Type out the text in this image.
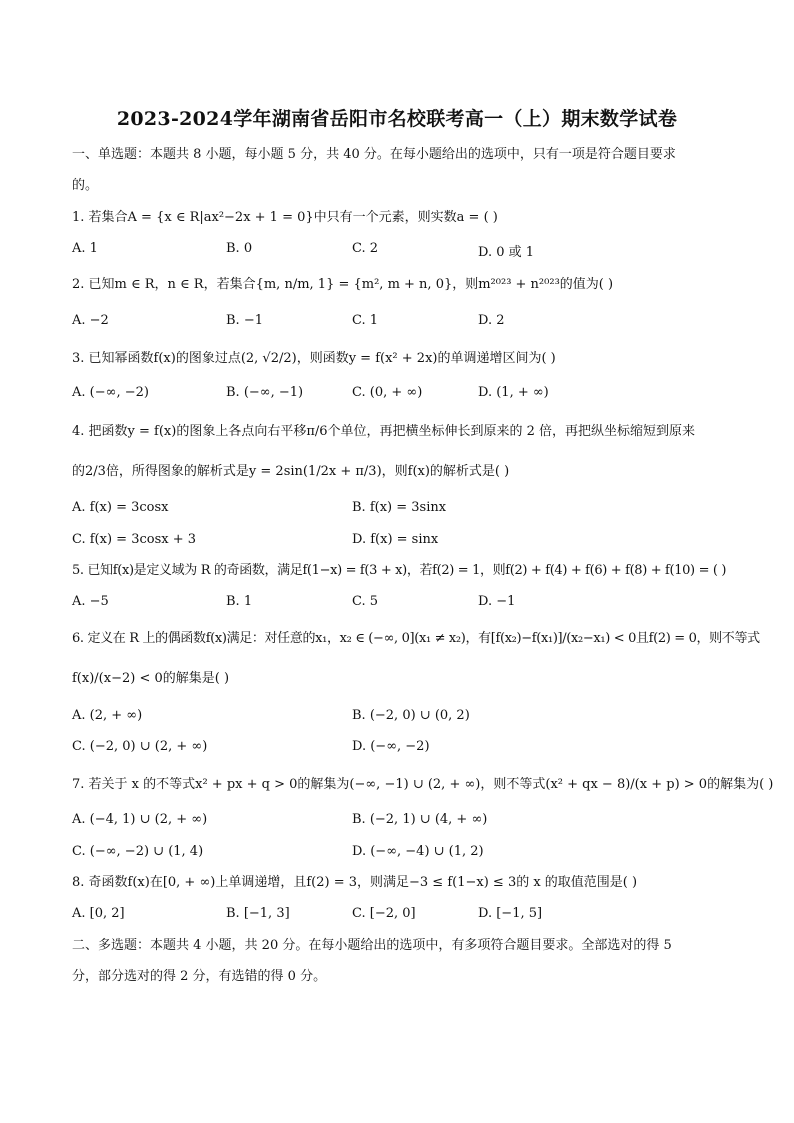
2023-2024学年湖南省岳阳市名校联考高一（上）期末数学试卷
一、单选题：本题共 8 小题，每小题 5 分，共 40 分。在每小题给出的选项中，只有一项是符合题目要求
的。
1. 若集合A = {x ∈ R|ax²−2x + 1 = 0}中只有一个元素，则实数a = ( )
A. 1	B. 0	C. 2	D. 0 或 1
2. 已知m ∈ R，n ∈ R，若集合{m, n/m, 1} = {m², m + n, 0}，则m²⁰²³ + n²⁰²³的值为( )
A. −2	B. −1	C. 1	D. 2
3. 已知幂函数f(x)的图象过点(2, √2/2)，则函数y = f(x² + 2x)的单调递增区间为( )
A. (−∞, −2)	B. (−∞, −1)	C. (0, + ∞)	D. (1, + ∞)
4. 把函数y = f(x)的图象上各点向右平移π/6个单位，再把横坐标伸长到原来的 2 倍，再把纵坐标缩短到原来
的2/3倍，所得图象的解析式是y = 2sin(1/2x + π/3)，则f(x)的解析式是( )
A. f(x) = 3cosx	B. f(x) = 3sinx
C. f(x) = 3cosx + 3	D. f(x) = sinx
5. 已知f(x)是定义域为 R 的奇函数，满足f(1−x) = f(3 + x)，若f(2) = 1，则f(2) + f(4) + f(6) + f(8) + f(10) = ( )
A. −5	B. 1	C. 5	D. −1
6. 定义在 R 上的偶函数f(x)满足：对任意的x₁，x₂ ∈ (−∞, 0](x₁ ≠ x₂)，有[f(x₂)−f(x₁)]/(x₂−x₁) < 0且f(2) = 0，则不等式
f(x)/(x−2) < 0的解集是( )
A. (2, + ∞)	B. (−2, 0) ∪ (0, 2)
C. (−2, 0) ∪ (2, + ∞)	D. (−∞, −2)
7. 若关于 x 的不等式x² + px + q > 0的解集为(−∞, −1) ∪ (2, + ∞)，则不等式(x² + qx − 8)/(x + p) > 0的解集为( )
A. (−4, 1) ∪ (2, + ∞)	B. (−2, 1) ∪ (4, + ∞)
C. (−∞, −2) ∪ (1, 4)	D. (−∞, −4) ∪ (1, 2)
8. 奇函数f(x)在[0, + ∞)上单调递增，且f(2) = 3，则满足−3 ≤ f(1−x) ≤ 3的 x 的取值范围是( )
A. [0, 2]	B. [−1, 3]	C. [−2, 0]	D. [−1, 5]
二、多选题：本题共 4 小题，共 20 分。在每小题给出的选项中，有多项符合题目要求。全部选对的得 5
分，部分选对的得 2 分，有选错的得 0 分。
